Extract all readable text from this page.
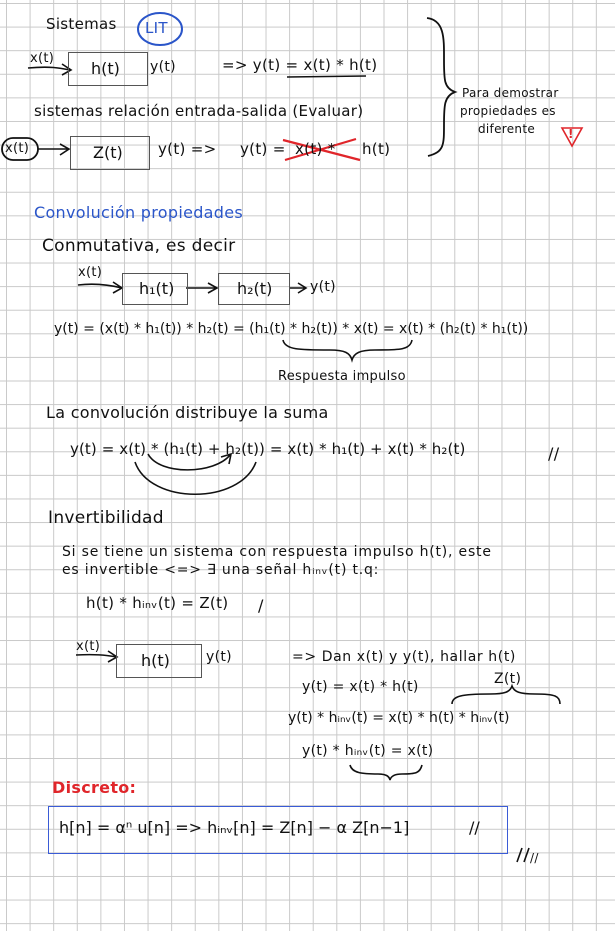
Sistemas LIT
x(t)
h(t) y(t)	=> y(t) = x(t) * h(t)
Para demostrar
propiedades es
diferente	!
sistemas relación entrada-salida (Evaluar)
x(t)	Z(t) y(t) => y(t) = x(t) * h(t)
Convolución propiedades
Conmutativa, es decir
x(t)
h₁(t)	h₂(t)	y(t)
y(t) = (x(t) * h₁(t)) * h₂(t) = (h₁(t) * h₂(t)) * x(t) = x(t) * (h₂(t) * h₁(t))
Respuesta impulso
La convolución distribuye la suma
y(t) = x(t) * (h₁(t) + h₂(t)) = x(t) * h₁(t) + x(t) * h₂(t)	//
Invertibilidad
Si se tiene un sistema con respuesta impulso h(t), este
es invertible <=> ∃ una señal hᵢₙᵥ(t) t.q:
h(t) * hᵢₙᵥ(t) = Z(t) /
x(t)
h(t)	y(t)	=> Dan x(t) y y(t), hallar h(t)
y(t) = x(t) * h(t)	Z(t)
y(t) * hᵢₙᵥ(t) = x(t) * h(t) * hᵢₙᵥ(t)
y(t) * hᵢₙᵥ(t) = x(t)
Discreto:
h[n] = αⁿ u[n] => hᵢₙᵥ[n] = Z[n] − α Z[n−1]	//
//
